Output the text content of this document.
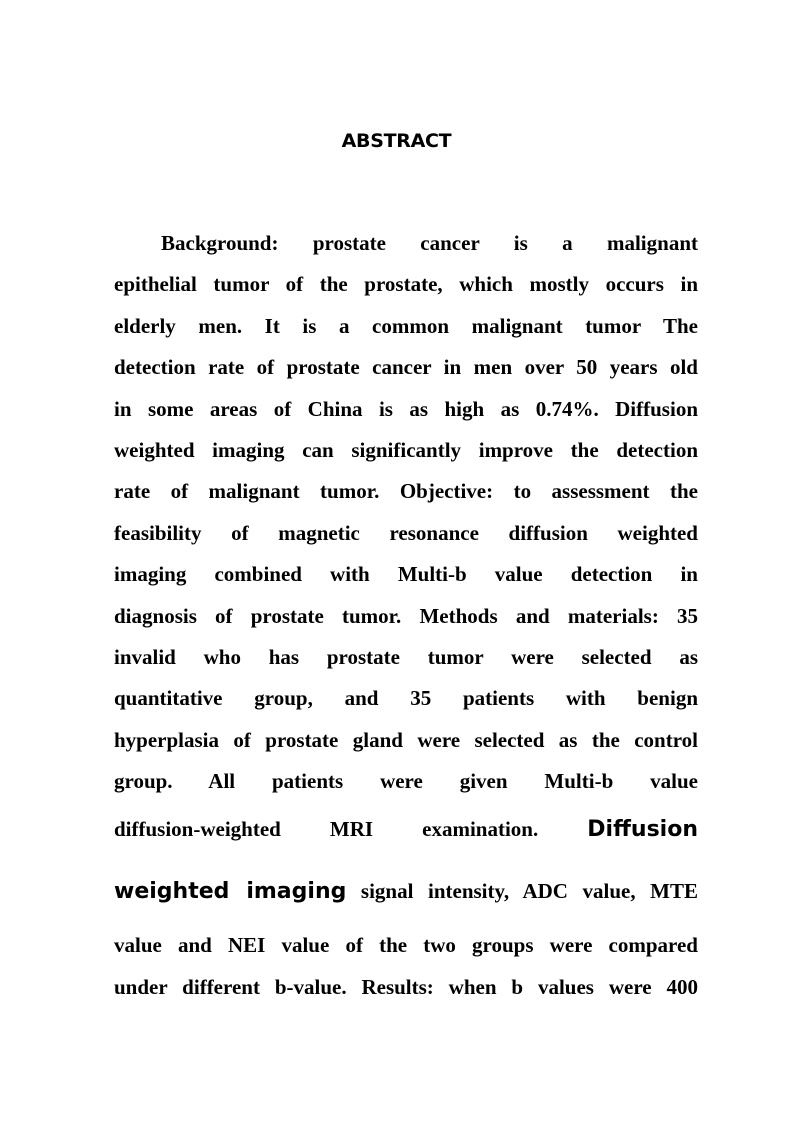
ABSTRACT

Background: prostate cancer is a malignant

epithelial tumor of the prostate, which mostly occurs in

elderly men. It is a common malignant tumor The

detection rate of prostate cancer in men over 50 years old

in some areas of China is as high as 0.74%. Diffusion

weighted imaging can significantly improve the detection

rate of malignant tumor. Objective: to assessment the

feasibility of magnetic resonance diffusion weighted

imaging combined with Multi-b value detection in

diagnosis of prostate tumor. Methods and materials: 35

invalid who has prostate tumor were selected as

quantitative group, and 35 patients with benign

hyperplasia of prostate gland were selected as the control

group. All patients were given Multi-b value

diffusion-weighted MRI examination. Diffusion

weighted imaging signal intensity, ADC value, MTE

value and NEI value of the two groups were compared

under different b-value. Results: when b values were 400
